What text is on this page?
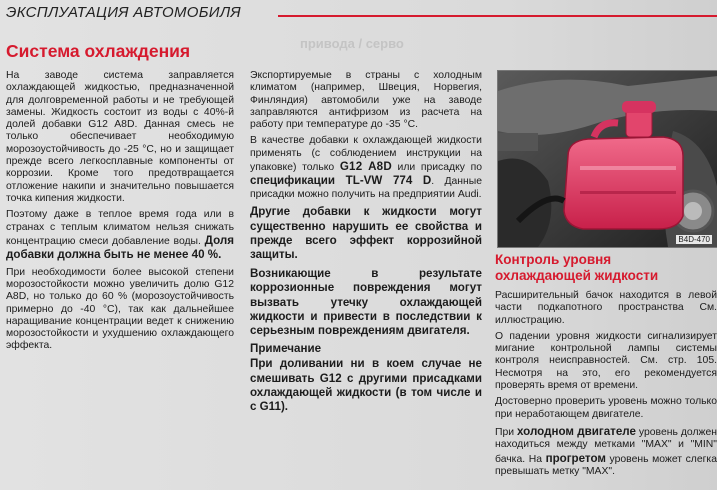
ЭКСПЛУАТАЦИЯ АВТОМОБИЛЯ
привода / серво
Система охлаждения

На заводе система заправляется охлаждающей жидкостью, предназначенной для долговременной работы и не требующей замены. Жидкость состоит из воды с 40%-й долей добавки G12 A8D. Данная смесь не только обеспечивает необходимую морозоустойчивость до -25 °С, но и защищает прежде всего легкосплавные компоненты от коррозии. Кроме того предотвращается отложение накипи и значительно повышается точка кипения жидкости.

Поэтому даже в теплое время года или в странах с теплым климатом нельзя снижать концентрацию смеси добавление воды. Доля добавки должна быть не менее 40 %.

При необходимости более высокой степени морозостойкости можно увеличить долю G12 A8D, но только до 60 % (морозоустойчивость примерно до -40 °С), так как дальнейшее наращивание концентрации ведет к снижению морозостойкости и ухудшению охлаждающего эффекта.

Экспортируемые в страны с холодным климатом (например, Швеция, Норвегия, Финляндия) автомобили уже на заводе заправляются антифризом из расчета на работу при температуре до -35 °С.

В качестве добавки к охлаждающей жидкости применять (с соблюдением инструкции на упаковке) только G12 A8D или присадку по спецификации TL-VW 774 D. Данные присадки можно получить на предприятии Audi.

Другие добавки к жидкости могут существенно нарушить ее свойства и прежде всего эффект коррозийной защиты.

Возникающие в результате коррозионные повреждения могут вызвать утечку охлаждающей жидкости и привести в последствии к серьезным повреждениям двигателя.

Примечание

При доливании ни в коем случае не смешивать G12 с другими присадками охлаждающей жидкости (в том числе и с G11).

B4D-470
Контроль уровня охлаждающей жидкости

Расширительный бачок находится в левой части подкапотного пространства См. иллюстрацию.

О падении уровня жидкости сигнализирует мигание контрольной лампы системы контроля неисправностей. См. стр. 105. Несмотря на это, его рекомендуется проверять время от времени.

Достоверно проверить уровень можно только при неработающем двигателе.

При холодном двигателе уровень должен находиться между метками "MAX" и "MIN" бачка. На прогретом уровень может слегка превышать метку "MAX".
